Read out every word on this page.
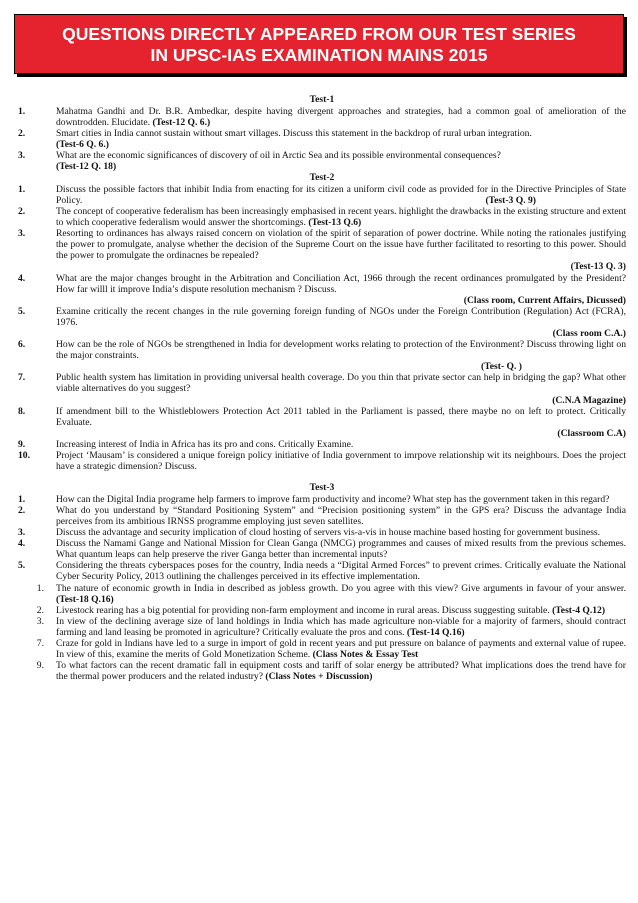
QUESTIONS DIRECTLY APPEARED FROM OUR TEST SERIES
IN UPSC-IAS EXAMINATION MAINS 2015
Test-1
1.	Mahatma Gandhi and Dr. B.R. Ambedkar, despite having divergent approaches and strategies, had a common goal of amelioration of the downtrodden. Elucidate. (Test-12 Q. 6.)
2.	Smart cities in India cannot sustain without smart villages. Discuss this statement in the backdrop of rural urban integration.
(Test-6 Q. 6.)
3.	What are the economic significances of discovery of oil in Arctic Sea and its possible environmental consequences?
(Test-12 Q. 18)
Test-2
1.	Discuss the possible factors that inhibit India from enacting for its citizen a uniform civil code as provided for in the Directive Principles of State Policy.	(Test-3 Q. 9)
2.	The concept of cooperative federalism has been increasingly emphasised in recent years. highlight the drawbacks in the existing structure and extent to which cooperative federalism would answer the shortcomings. (Test-13 Q.6)
3.	Resorting to ordinances has always raised concern on violation of the spirit of separation of power doctrine. While noting the rationales justifying the power to promulgate, analyse whether the decision of the Supreme Court on the issue have further facilitated to resorting to this power. Should the power to promulgate the ordinacnes be repealed?
(Test-13 Q. 3)
4.	What are the major changes brought in the Arbitration and Conciliation Act, 1966 through the recent ordinances promulgated by the President? How far willl it improve India’s dispute resolution mechanism ? Discuss.
(Class room, Current Affairs, Dicussed)
5.	Examine critically the recent changes in the rule governing foreign funding of NGOs under the Foreign Contribution (Regulation) Act (FCRA), 1976.
(Class room C.A.)
6.	How can be the role of NGOs be strengthened in India for development works relating to protection of the Environment? Discuss throwing light on the major constraints.
(Test- Q. )
7.	Public health system has limitation in providing universal health coverage. Do you thin that private sector can help in bridging the gap? What other viable alternatives do you suggest?
(C.N.A Magazine)
8.	If amendment bill to the Whistleblowers Protection Act 2011 tabled in the Parliament is passed, there maybe no on left to protect. Critically Evaluate.
(Classroom C.A)
9.	Increasing interest of India in Africa has its pro and cons. Critically Examine.
10.	Project ‘Mausam’ is considered a unique foreign policy initiative of India government to imrpove relationship wit its neighbours. Does the project have a strategic dimension? Discuss.
Test-3
1.	How can the Digital India programe help farmers to improve farm productivity and income? What step has the government taken in this regard?
2.	What do you understand by “Standard Positioning System” and “Precision positioning system” in the GPS era? Discuss the advantage India perceives from its ambitious IRNSS programme employing just seven satellites.
3.	Discuss the advantage and security implication of cloud hosting of servers vis-a-vis in house machine based hosting for government business.
4.	Discuss the Namami Gange and National Mission for Clean Ganga (NMCG) programmes and causes of mixed results from the previous schemes. What quantum leaps can help preserve the river Ganga better than incremental inputs?
5.	Considering the threats cyberspaces poses for the country, India needs a “Digital Armed Forces” to prevent crimes. Critically evaluate the National Cyber Security Policy, 2013 outlining the challenges perceived in its effective implementation.
1. The nature of economic growth in India in described as jobless growth. Do you agree with this view? Give arguments in favour of your answer. (Test-18 Q.16)
2. Livestock rearing has a big potential for providing non-farm employment and income in rural areas. Discuss suggesting suitable. (Test-4 Q.12)
3. In view of the declining average size of land holdings in India which has made agriculture non-viable for a majority of farmers, should contract farming and land leasing be promoted in agriculture? Critically evaluate the pros and cons. (Test-14 Q.16)
7. Craze for gold in Indians have led to a surge in import of gold in recent years and put pressure on balance of payments and external value of rupee. In view of this, examine the merits of Gold Monetization Scheme. (Class Notes & Essay Test
9. To what factors can the recent dramatic fall in equipment costs and tariff of solar energy be attributed? What implications does the trend have for the thermal power producers and the related industry? (Class Notes + Discussion)
